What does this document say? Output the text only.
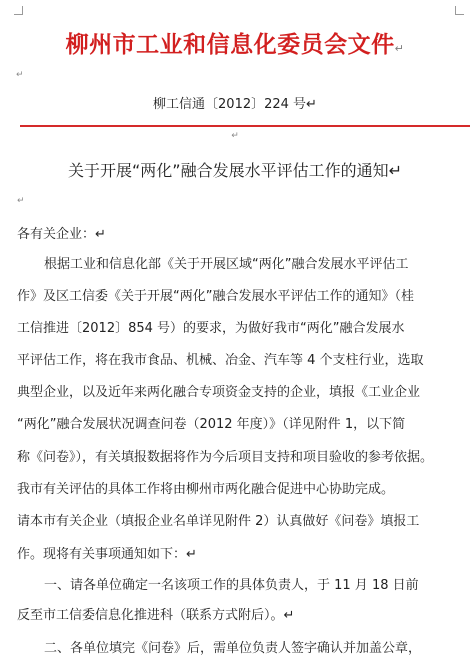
柳州市工业和信息化委员会文件↵
↵
柳工信通〔2012〕224 号↵
↵
关于开展“两化”融合发展水平评估工作的通知↵
↵
各有关企业：↵
根据工业和信息化部《关于开展区域“两化”融合发展水平评估工
作》及区工信委《关于开展“两化”融合发展水平评估工作的通知》（桂
工信推进〔2012〕854 号）的要求，为做好我市“两化”融合发展水
平评估工作，将在我市食品、机械、冶金、汽车等 4 个支柱行业，选取
典型企业，以及近年来两化融合专项资金支持的企业，填报《工业企业
“两化”融合发展状况调查问卷（2012 年度）》（详见附件 1，以下简
称《问卷》），有关填报数据将作为今后项目支持和项目验收的参考依据。
我市有关评估的具体工作将由柳州市两化融合促进中心协助完成。
请本市有关企业（填报企业名单详见附件 2）认真做好《问卷》填报工
作。现将有关事项通知如下：↵
一、请各单位确定一名该项工作的具体负责人，于 11 月 18 日前
反至市工信委信息化推进科（联系方式附后）。↵
二、各单位填完《问卷》后，需单位负责人签字确认并加盖公章，
